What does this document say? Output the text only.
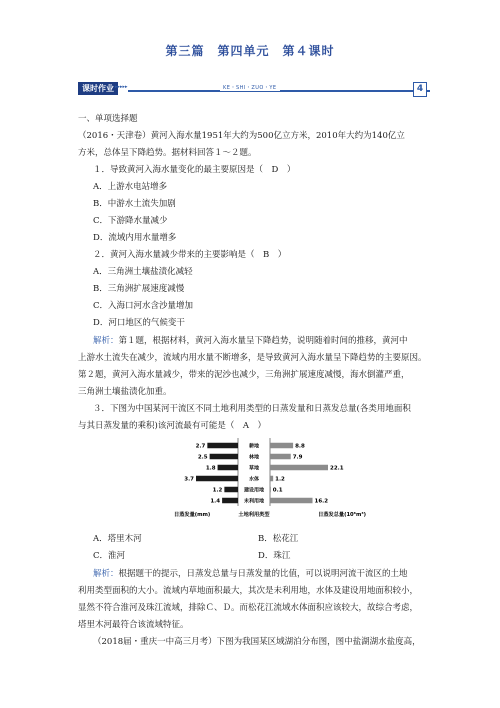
第三篇　第四单元　第４课时
课时作业 ▸▸▸▸▸	KE・SHI・ZUO・YE	4
一、单项选择题
（2016・天津卷）黄河入海水量1951年大约为500亿立方米，2010年大约为140亿立
方米，总体呈下降趋势。据材料回答１～２题。
１．导致黄河入海水量变化的最主要原因是（　D　）
A．上游水电站增多
B．中游水土流失加剧
C．下游降水量减少
D．流域内用水量增多
２．黄河入海水量减少带来的主要影响是（　B　）
A．三角洲土壤盐渍化减轻
B．三角洲扩展速度减慢
C．入海口河水含沙量增加
D．河口地区的气候变干
解析：第１题，根据材料，黄河入海水量呈下降趋势，说明随着时间的推移，黄河中
上游水土流失在减少，流域内用水量不断增多，是导致黄河入海水量呈下降趋势的主要原因。
第２题，黄河入海水量减少，带来的泥沙也减少，三角洲扩展速度减慢，海水倒灌严重，
三角洲土壤盐渍化加重。
３．下图为中国某河干流区不同土地利用类型的日蒸发量和日蒸发总量(各类用地面积
与其日蒸发量的乘积)该河流最有可能是（　A　）
2.7	8.8
耕地
2.5	7.9
林地
1.8	22.1
草地
3.7	1.2
水体
1.2	0.1
建设用地
1.4	16.2
未利用地
日蒸发量(mm)	土地利用类型	日蒸发总量(10⁶m³)
A．塔里木河	B．松花江
C．淮河	D．珠江
解析：根据题干的提示，日蒸发总量与日蒸发量的比值，可以说明河流干流区的土地
利用类型面积的大小。流域内草地面积最大，其次是未利用地，水体及建设用地面积较小，
显然不符合淮河及珠江流域，排除Ｃ、Ｄ。而松花江流域水体面积应该较大，故综合考虑，
塔里木河最符合该流域特征。
（2018届・重庆一中高三月考）下图为我国某区域湖泊分布图，图中盐湖湖水盐度高，
